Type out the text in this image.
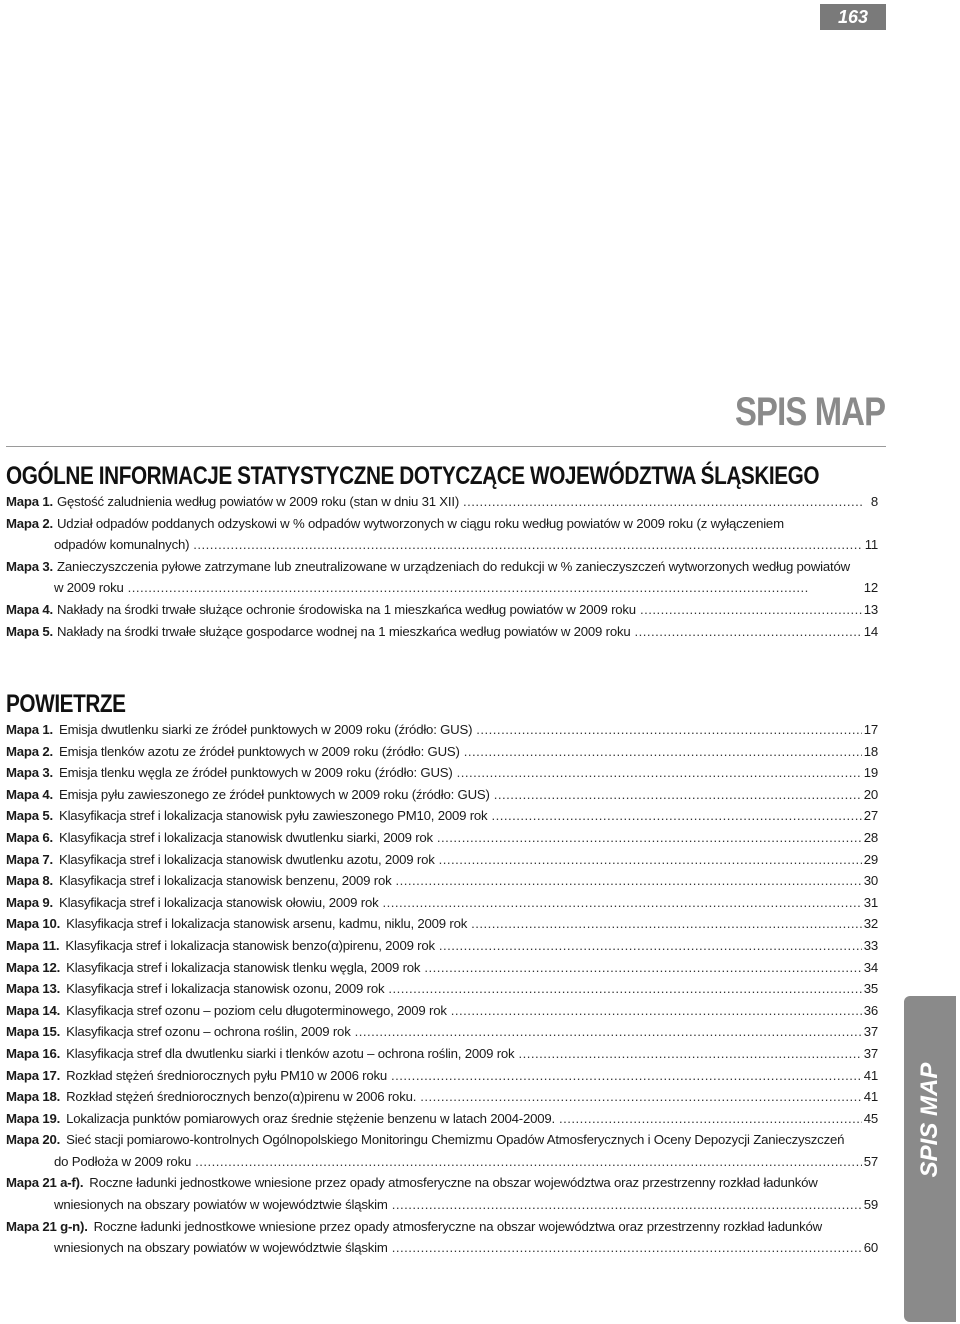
163
SPIS MAP
SPIS MAP
OGÓLNE INFORMACJE STATYSTYCZNE DOTYCZĄCE WOJEWÓDZTWA ŚLĄSKIEGO
Mapa 1. Gęstość zaludnienia według powiatów w 2009 roku (stan w dniu 31 XII) . . .	8
Mapa 2. Udział odpadów poddanych odzyskowi w % odpadów wytworzonych w ciągu roku według powiatów w 2009 roku (z wyłączeniem
odpadów komunalnych) . . .	11
Mapa 3. Zanieczyszczenia pyłowe zatrzymane lub zneutralizowane w urządzeniach do redukcji w % zanieczyszczeń wytworzonych według powiatów
w 2009 roku . . .	12
Mapa 4. Nakłady na środki trwałe służące ochronie środowiska na 1 mieszkańca według powiatów w 2009 roku . . .	13
Mapa 5. Nakłady na środki trwałe służące gospodarce wodnej na 1 mieszkańca według powiatów w 2009 roku . . .	14
POWIETRZE
Mapa 1. Emisja dwutlenku siarki ze źródeł punktowych w 2009 roku (źródło: GUS) . . .	17
Mapa 2. Emisja tlenków azotu ze źródeł punktowych w 2009 roku (źródło: GUS) . . .	18
Mapa 3. Emisja tlenku węgla ze źródeł punktowych w 2009 roku (źródło: GUS) . . .	19
Mapa 4. Emisja pyłu zawieszonego ze źródeł punktowych w 2009 roku (źródło: GUS) . . .	20
Mapa 5. Klasyfikacja stref i lokalizacja stanowisk pyłu zawieszonego PM10, 2009 rok . . .	27
Mapa 6. Klasyfikacja stref i lokalizacja stanowisk dwutlenku siarki, 2009 rok . . .	28
Mapa 7. Klasyfikacja stref i lokalizacja stanowisk dwutlenku azotu, 2009 rok . . .	29
Mapa 8. Klasyfikacja stref i lokalizacja stanowisk benzenu, 2009 rok . . .	30
Mapa 9. Klasyfikacja stref i lokalizacja stanowisk ołowiu, 2009 rok . . .	31
Mapa 10. Klasyfikacja stref i lokalizacja stanowisk arsenu, kadmu, niklu, 2009 rok . . .	32
Mapa 11. Klasyfikacja stref i lokalizacja stanowisk benzo(α)pirenu, 2009 rok . . .	33
Mapa 12. Klasyfikacja stref i lokalizacja stanowisk tlenku węgla, 2009 rok . . .	34
Mapa 13. Klasyfikacja stref i lokalizacja stanowisk ozonu, 2009 rok . . .	35
Mapa 14. Klasyfikacja stref ozonu – poziom celu długoterminowego, 2009 rok . . .	36
Mapa 15. Klasyfikacja stref ozonu – ochrona roślin, 2009 rok . . .	37
Mapa 16. Klasyfikacja stref dla dwutlenku siarki i tlenków azotu – ochrona roślin, 2009 rok . . .	37
Mapa 17. Rozkład stężeń średniorocznych pyłu PM10 w 2006 roku . . .	41
Mapa 18. Rozkład stężeń średniorocznych benzo(α)pirenu w 2006 roku. . . .	41
Mapa 19. Lokalizacja punktów pomiarowych oraz średnie stężenie benzenu w latach 2004-2009. . . .	45
Mapa 20. Sieć stacji pomiarowo-kontrolnych Ogólnopolskiego Monitoringu Chemizmu Opadów Atmosferycznych i Oceny Depozycji Zanieczyszczeń
do Podłoża w 2009 roku . . .	57
Mapa 21 a-f). Roczne ładunki jednostkowe wniesione przez opady atmosferyczne na obszar województwa oraz przestrzenny rozkład ładunków
wniesionych na obszary powiatów w województwie śląskim . . .	59
Mapa 21 g-n). Roczne ładunki jednostkowe wniesione przez opady atmosferyczne na obszar województwa oraz przestrzenny rozkład ładunków
wniesionych na obszary powiatów w województwie śląskim . . .	60
